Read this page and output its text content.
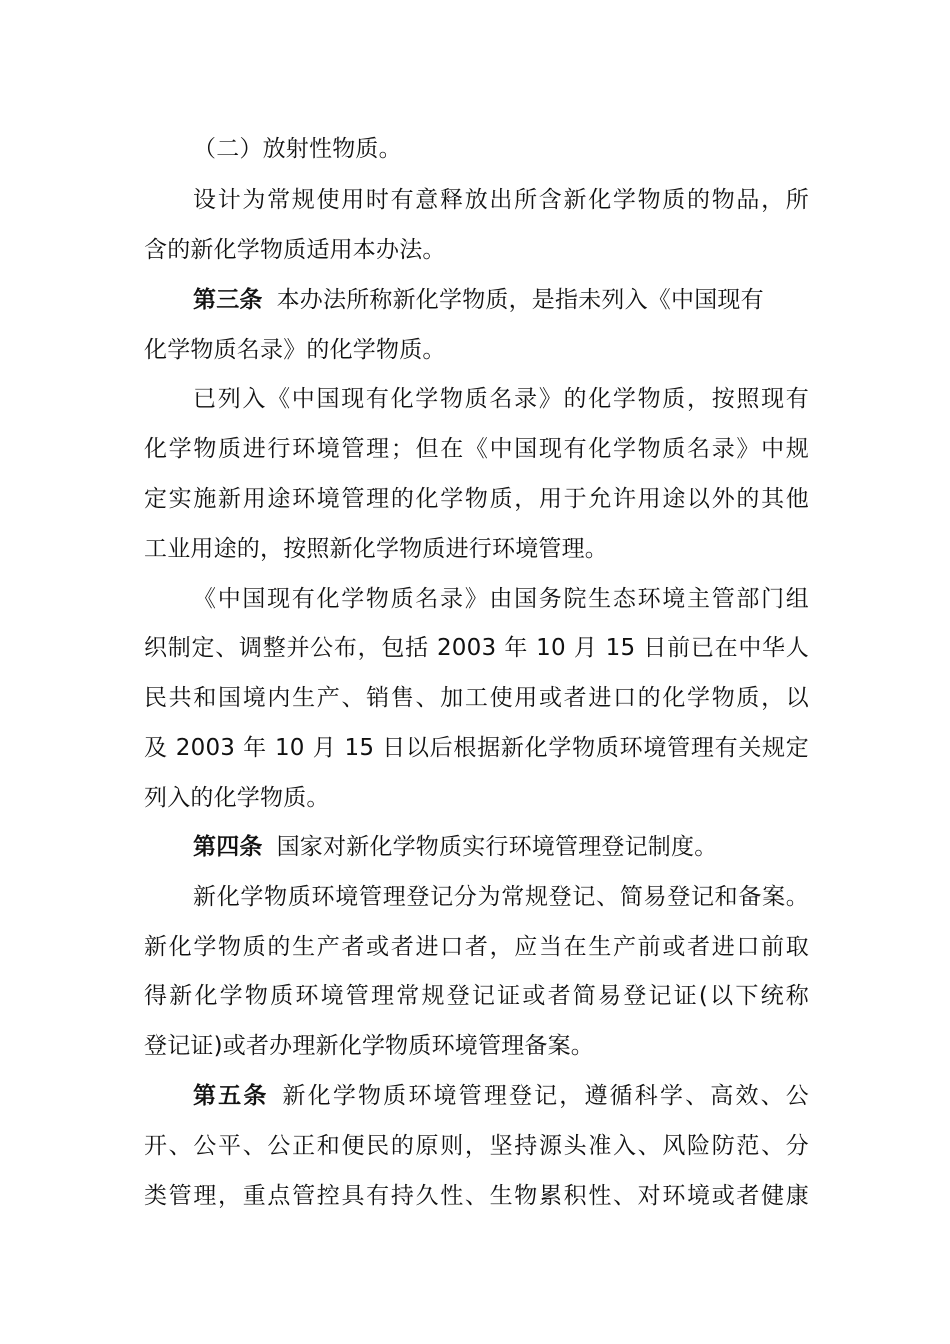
（二）放射性物质。
设计为常规使用时有意释放出所含新化学物质的物品，所
含的新化学物质适用本办法。
第三条 本办法所称新化学物质，是指未列入《中国现有
化学物质名录》的化学物质。
已列入《中国现有化学物质名录》的化学物质，按照现有
化学物质进行环境管理；但在《中国现有化学物质名录》中规
定实施新用途环境管理的化学物质，用于允许用途以外的其他
工业用途的，按照新化学物质进行环境管理。
《中国现有化学物质名录》由国务院生态环境主管部门组
织制定、调整并公布，包括 2003 年 10 月 15 日前已在中华人
民共和国境内生产、销售、加工使用或者进口的化学物质，以
及 2003 年 10 月 15 日以后根据新化学物质环境管理有关规定
列入的化学物质。
第四条 国家对新化学物质实行环境管理登记制度。
新化学物质环境管理登记分为常规登记、简易登记和备案。
新化学物质的生产者或者进口者，应当在生产前或者进口前取
得新化学物质环境管理常规登记证或者简易登记证(以下统称
登记证)或者办理新化学物质环境管理备案。
第五条 新化学物质环境管理登记，遵循科学、高效、公
开、公平、公正和便民的原则，坚持源头准入、风险防范、分
类管理，重点管控具有持久性、生物累积性、对环境或者健康
